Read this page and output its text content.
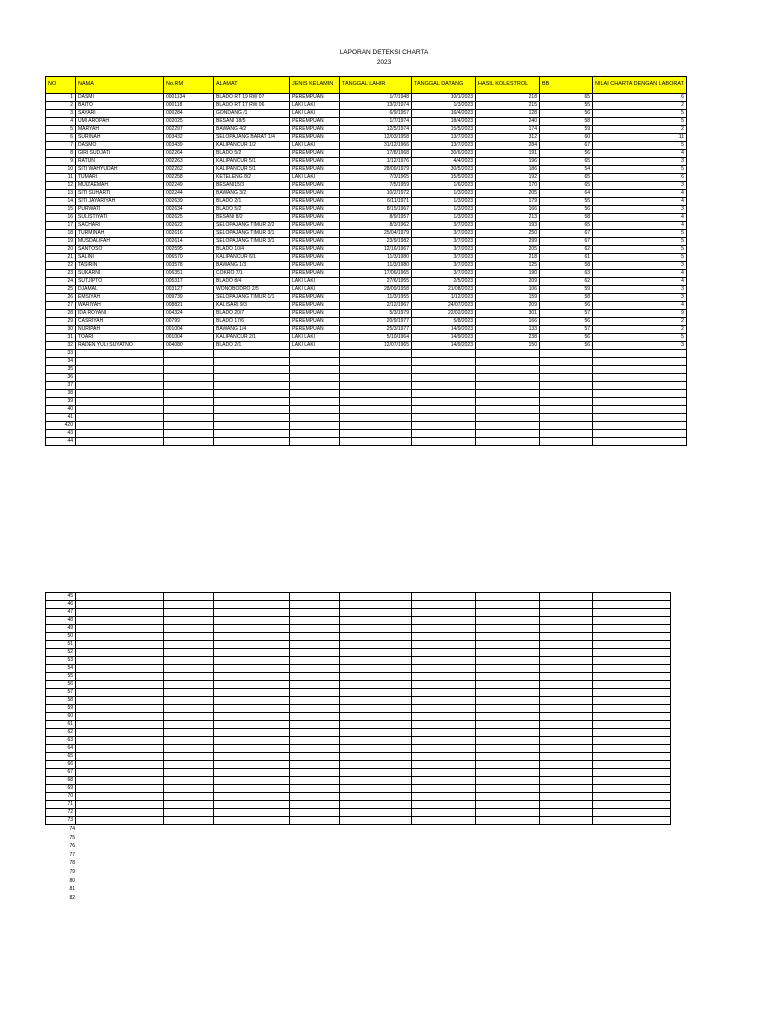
LAPORAN DETEKSI CHARTA
2023
NO	NAMA	No.RM	ALAMAT	JENIS KELAMIN	TANGGAL LAHIR	TANGGAL DATANG	HASIL KOLESTROL	BB	NILAI CHARTA DENGAN LABORAT
1	DASMI	0001134	BLADO RT 19 RW 07	PEREMPUAN	1/7/1948	10/1/2023	218	65	6
2	BAITO	000118	BLADO RT 17 RW 06	LAKI LAKI	13/2/1974	1/3/2023	215	55	2
3	SAYARI	000284	GONDANG /1	LAKI LAKI	6/9/1957	16/4/2023	128	56	5
4	UMI AROPAH	002025	BESANI 18/5	PEREMPUAN	1/7/1974	18/4/2023	240	58	5
5	MARYAH	002297	BAWANG 4/2	PEREMPUAN	12/5/1974	15/5/2023	174	59	2
6	SURINAH	003432	SELOPAJANG BARAT 1/4	PEREMPUAN	12/03/1958	13/7/2023	312	60	11
7	DASMO	003439	KALIPANCUR 1/2	LAKI LAKI	31/12/1966	13/7/2023	284	67	5
8	GIRI SUDJATI	002264	BLADO 5/2	PEREMPUAN	17/8/1968	30/6/2023	191	56	4
9	RATUN	002263	KALIPANCUR 5/1	PEREMPUAN	1/12/1976	4/4/2023	196	65	3
10	SITI WAHYUDAH	002262	KALIPANCUR 5/1	PEREMPUAN	28/09/1979	30/5/2023	186	54	5
11	TUMARI	002258	KETELENG 8/2	LAKI LAKI	7/3/1965	15/5/2023	192	65	6
12	MUIZAEMAH	002249	BESANI15/3	PEREMPUAN	7/5/1959	1/6/2023	170	65	3
13	SITI SUHARTI	002244	BAWANG 3/2	PEREMPUAN	10/2/1972	1/3/2023	205	64	4
14	SITI JAYARIYAH	002639	BLADO 2/1	PEREMPUAN	6/11/1971	1/3/2023	179	55	4
15	PURWATI	002634	BLADO 5/2	PEREMPUAN	8/15/1967	1/3/2023	166	56	3
16	SULISTIYATI	002625	BESANI 8/2	PEREMPUAN	8/9/1957	1/3/2023	213	58	4
17	SACHARI	002622	SELOPAJANG TIMUR 2/2	PEREMPUAN	8/3/1962	3/7/2023	193	65	4
18	TURMINAH	002616	SELOPAJANG TIMUR 3/1	PEREMPUAN	25/04/1979	3/7/2023	250	67	5
19	MUSDALIFAH	002614	SELOPAJANG TIMUR 3/1	PEREMPUAN	23/9/1982	3/7/2023	299	67	5
20	SANTOSO	002595	BLADO 10/4	PEREMPUAN	12/16/1967	3/7/2023	205	62	5
21	SALINI	006570	KALIPANCUR 6/1	PEREMPUAN	11/3/1980	3/7/2023	218	61	5
22	TASIRIN	003578	BAWANG 1/3	PEREMPUAN	11/3/1980	3/7/2023	125	58	3
23	SUKARNI	006351	COKRO 7/1	PEREMPUAN	17/06/1965	3/7/2023	190	63	4
24	SUTJIPTO	005317	BLADO 8/4	LAKI LAKI	27/6/1955	2/5/2023	209	62	4
25	DJAMAL	003127	WONOBODRO 2/5	LAKI LAKI	28/09/1958	21/08/2023	106	59	3
26	EMSIYAH	009739	SELOPAJANG TIMUR 1/1	PEREMPUAN	11/3/1955	1/12/2023	159	58	3
27	WARIYAH	008821	KALISARI 9/3	PEREMPUAN	2/12/1967	24/07/2023	209	56	4
28	IDA ROYANI	004324	BLADO 20/7	PEREMPUAN	5/3/1979	22/02/2023	301	57	9
29	CASRIYAH	00799	BLADO 17/6	PEREMPUAN	20/9/1977	5/8/2023	166	56	2
30	NURIPAH	001004	BAWANG 1/4	PEREMPUAN	25/3/1977	14/9/2023	133	57	2
31	TOARI	001004	KALIPANCUR 2/1	LAKI LAKI	5/10/1964	14/9/2023	238	56	5
32	RADEN YULI SUYATNO	004080	BLADO 2/1	LAKI LAKI	12/07/1965	14/9/2023	150	56	3
33									
34									
35									
36									
37									
38									
39									
40									
41									
420									
43									
44									
45									
46									
47									
48									
49									
50									
51									
52									
53									
54									
55									
56									
57									
58									
59									
60									
61									
62									
63									
64									
65									
66									
67									
68									
69									
70									
71									
72									
73									
74
75
76
77
78
79
80
81
82
